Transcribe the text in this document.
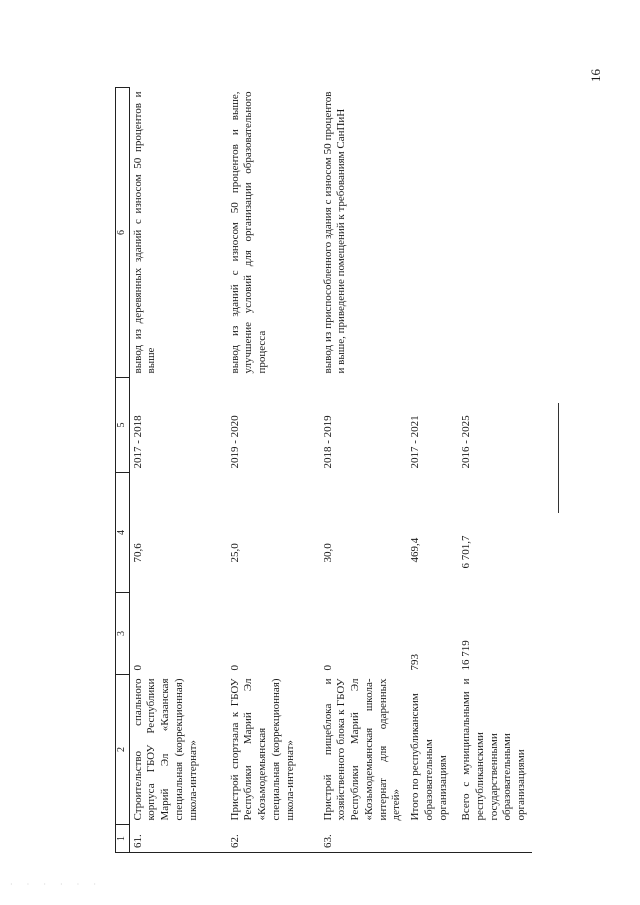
16
1	2	3	4	5	6
61.	Строительство спального корпуса ГБОУ Республики Марий Эл «Казанская специальная (коррекционная) школа-интернат»	0	70,6	2017 - 2018	вывод из деревянных зданий с износом 50 процентов и выше
62.	Пристрой спортзала к ГБОУ Республики Марий Эл «Козьмодемьянская специальная (коррекционная) школа-интернат»	0	25,0	2019 - 2020	вывод из зданий с износом 50 процентов и выше, улучшение условий для организации образовательного процесса
63.	Пристрой пищеблока и хозяйственного блока к ГБОУ Республики Марий Эл «Козьмодемьянская школа-интернат для одаренных детей»	0	30,0	2018 - 2019	вывод из приспособленного здания с износом 50 процентов и выше, приведение помещений к требованиям СанПиН
	Итого по республиканским образовательным организациям	793	469,4	2017 - 2021	
	Всего с муниципальными и республиканскими государственными образовательными организациями	16 719	6 701,7	2016 - 2025	
· · · · · ·
